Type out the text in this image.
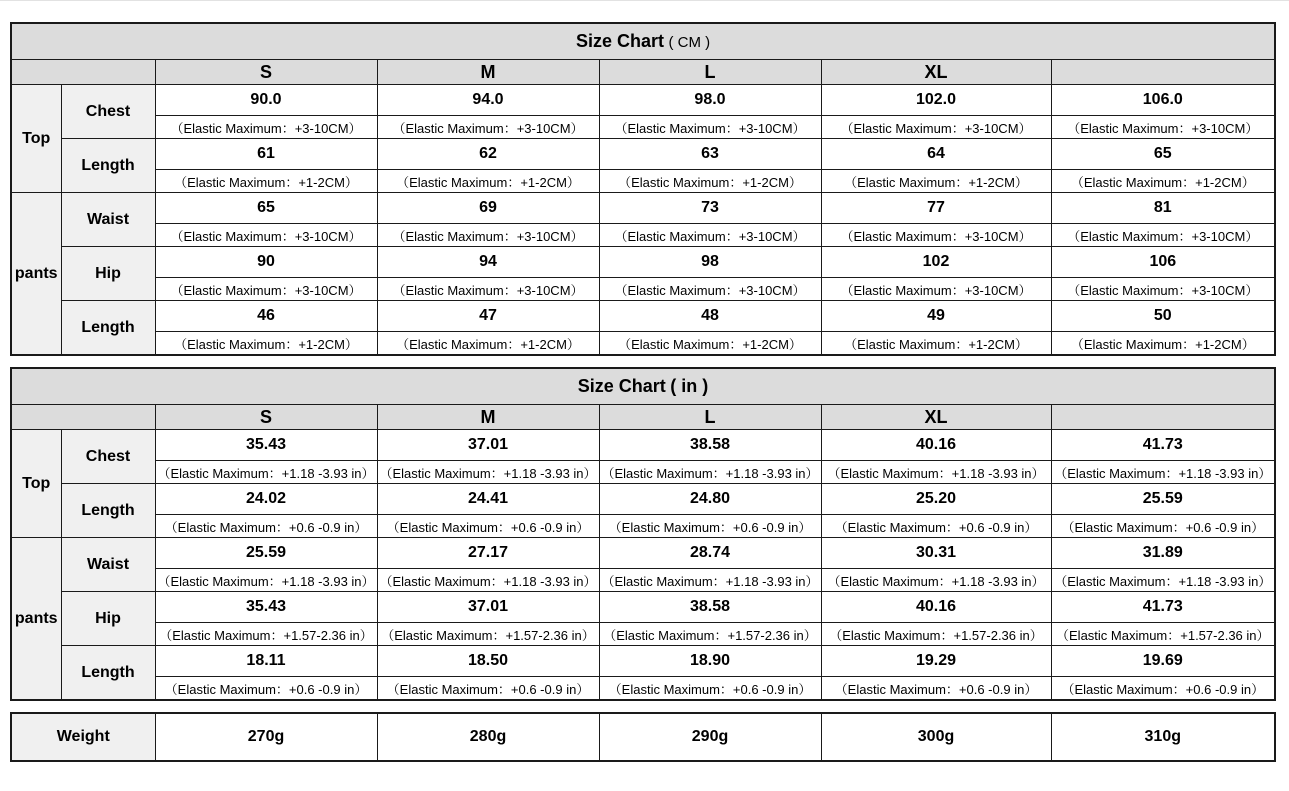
Size Chart ( CM )						
		S	M	L	XL	
Top	Chest	90.0	94.0	98.0	102.0	106.0
		（Elastic Maximum：+3-10CM）	（Elastic Maximum：+3-10CM）	（Elastic Maximum：+3-10CM）	（Elastic Maximum：+3-10CM）	（Elastic Maximum：+3-10CM）
	Length	61	62	63	64	65
		（Elastic Maximum：+1-2CM）	（Elastic Maximum：+1-2CM）	（Elastic Maximum：+1-2CM）	（Elastic Maximum：+1-2CM）	（Elastic Maximum：+1-2CM）
pants	Waist	65	69	73	77	81
		（Elastic Maximum：+3-10CM）	（Elastic Maximum：+3-10CM）	（Elastic Maximum：+3-10CM）	（Elastic Maximum：+3-10CM）	（Elastic Maximum：+3-10CM）
	Hip	90	94	98	102	106
		（Elastic Maximum：+3-10CM）	（Elastic Maximum：+3-10CM）	（Elastic Maximum：+3-10CM）	（Elastic Maximum：+3-10CM）	（Elastic Maximum：+3-10CM）
	Length	46	47	48	49	50
		（Elastic Maximum：+1-2CM）	（Elastic Maximum：+1-2CM）	（Elastic Maximum：+1-2CM）	（Elastic Maximum：+1-2CM）	（Elastic Maximum：+1-2CM）
Size Chart ( in )						
		S	M	L	XL	
Top	Chest	35.43	37.01	38.58	40.16	41.73
		（Elastic Maximum：+1.18 -3.93 in）	（Elastic Maximum：+1.18 -3.93 in）	（Elastic Maximum：+1.18 -3.93 in）	（Elastic Maximum：+1.18 -3.93 in）	（Elastic Maximum：+1.18 -3.93 in）
	Length	24.02	24.41	24.80	25.20	25.59
		（Elastic Maximum：+0.6 -0.9 in）	（Elastic Maximum：+0.6 -0.9 in）	（Elastic Maximum：+0.6 -0.9 in）	（Elastic Maximum：+0.6 -0.9 in）	（Elastic Maximum：+0.6 -0.9 in）
pants	Waist	25.59	27.17	28.74	30.31	31.89
		（Elastic Maximum：+1.18 -3.93 in）	（Elastic Maximum：+1.18 -3.93 in）	（Elastic Maximum：+1.18 -3.93 in）	（Elastic Maximum：+1.18 -3.93 in）	（Elastic Maximum：+1.18 -3.93 in）
	Hip	35.43	37.01	38.58	40.16	41.73
		（Elastic Maximum：+1.57-2.36 in）	（Elastic Maximum：+1.57-2.36 in）	（Elastic Maximum：+1.57-2.36 in）	（Elastic Maximum：+1.57-2.36 in）	（Elastic Maximum：+1.57-2.36 in）
	Length	18.11	18.50	18.90	19.29	19.69
		（Elastic Maximum：+0.6 -0.9 in）	（Elastic Maximum：+0.6 -0.9 in）	（Elastic Maximum：+0.6 -0.9 in）	（Elastic Maximum：+0.6 -0.9 in）	（Elastic Maximum：+0.6 -0.9 in）
Weight	270g	280g	290g	300g	310g
